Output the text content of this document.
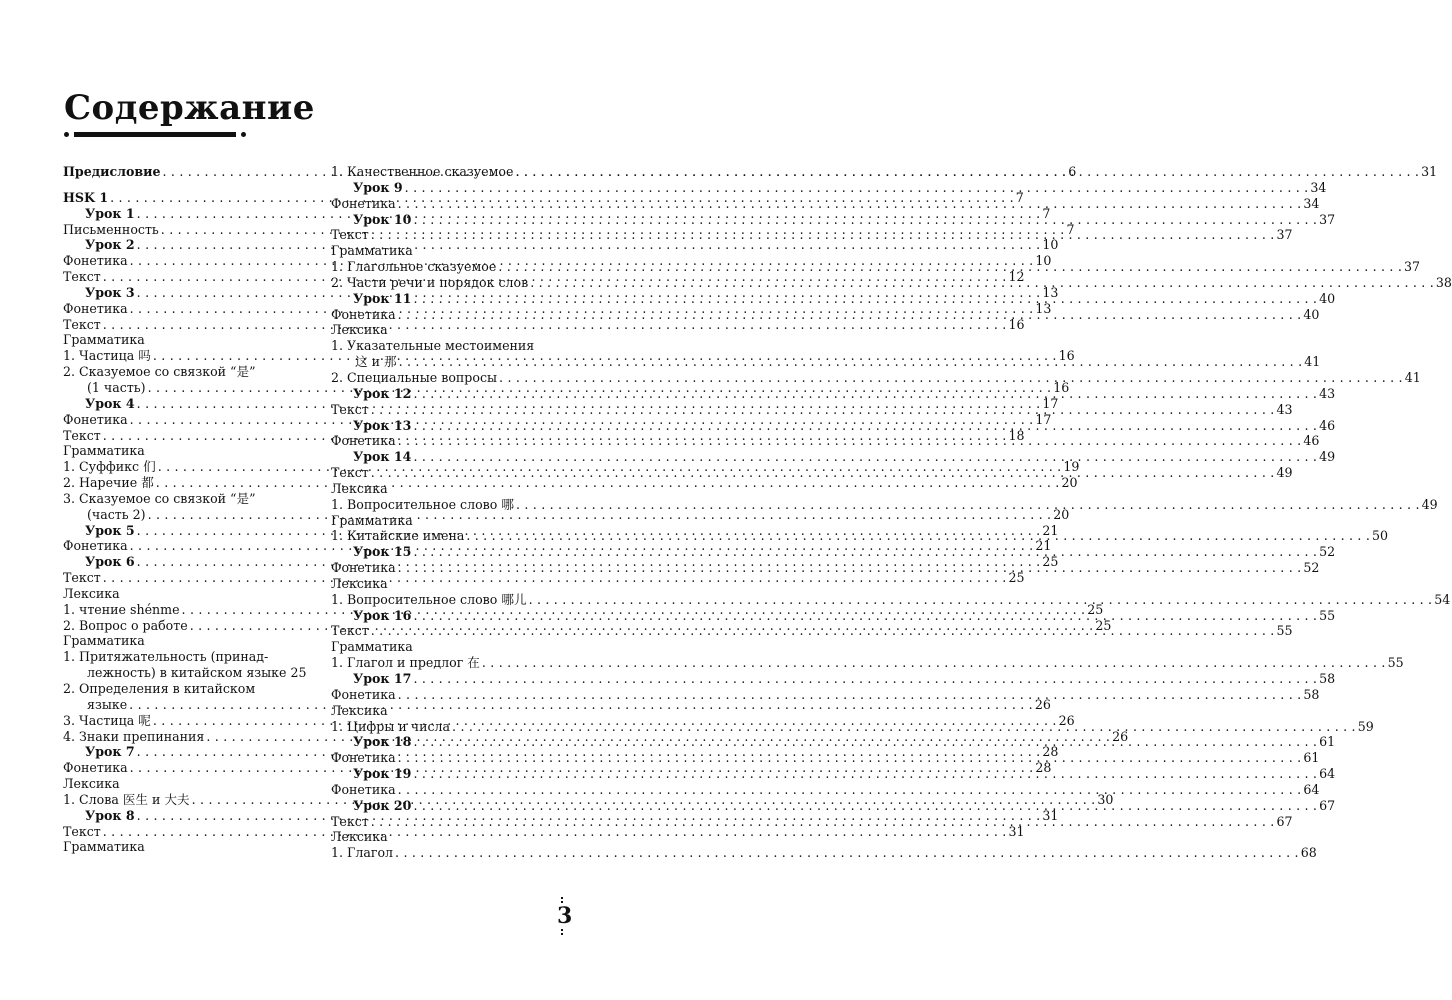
Содержание
Предисловие . . .	6
HSK 1 . . .	7
Урок 1 . . .	7
Письменность . . .	7
Урок 2 . . .	10
Фонетика . . .	10
Текст . . .	12
Урок 3 . . .	13
Фонетика . . .	13
Текст . . .	16
Грамматика
1. Частица 吗 . . .	16
2. Сказуемое со связкой “是”
(1 часть) . . .	16
Урок 4 . . .	17
Фонетика . . .	17
Текст . . .	18
Грамматика
1. Суффикс 们 . . .	19
2. Наречие 都 . . .	20
3. Сказуемое со связкой “是”
(часть 2) . . .	20
Урок 5 . . .	21
Фонетика . . .	21
Урок 6 . . .	25
Текст . . .	25
Лексика
1. чтение shénme . . .	25
2. Вопрос о работе . . .	25
Грамматика
1. Притяжательность (принад-
лежность) в китайском языке 25
2. Определения в китайском
языке . . .	26
3. Частица 呢 . . .	26
4. Знаки препинания . . .	26
Урок 7 . . .	28
Фонетика . . .	28
Лексика
1. Слова 医生 и 大夫 . . .	30
Урок 8 . . .	31
Текст . . .	31
Грамматика
1. Качественное сказуемое . . .	31
Урок 9 . . .	34
Фонетика . . .	34
Урок 10 . . .	37
Текст . . .	37
Грамматика
1. Глагольное сказуемое . . .	37
2. Части речи и порядок слов . . .	38
Урок 11 . . .	40
Фонетика . . .	40
Лексика
1. Указательные местоимения
这 и 那 . . .	41
2. Специальные вопросы . . .	41
Урок 12 . . .	43
Текст . . .	43
Урок 13 . . .	46
Фонетика . . .	46
Урок 14 . . .	49
Текст . . .	49
Лексика
1. Вопросительное слово 哪 . . .	49
Грамматика
1. Китайские имена . . .	50
Урок 15 . . .	52
Фонетика . . .	52
Лексика
1. Вопросительное слово 哪儿 . . .	54
Урок 16 . . .	55
Текст . . .	55
Грамматика
1. Глагол и предлог 在 . . .	55
Урок 17 . . .	58
Фонетика . . .	58
Лексика
1. Цифры и числа . . .	59
Урок 18 . . .	61
Фонетика . . .	61
Урок 19 . . .	64
Фонетика . . .	64
Урок 20 . . .	67
Текст . . .	67
Лексика
1. Глагол . . .	68
3
